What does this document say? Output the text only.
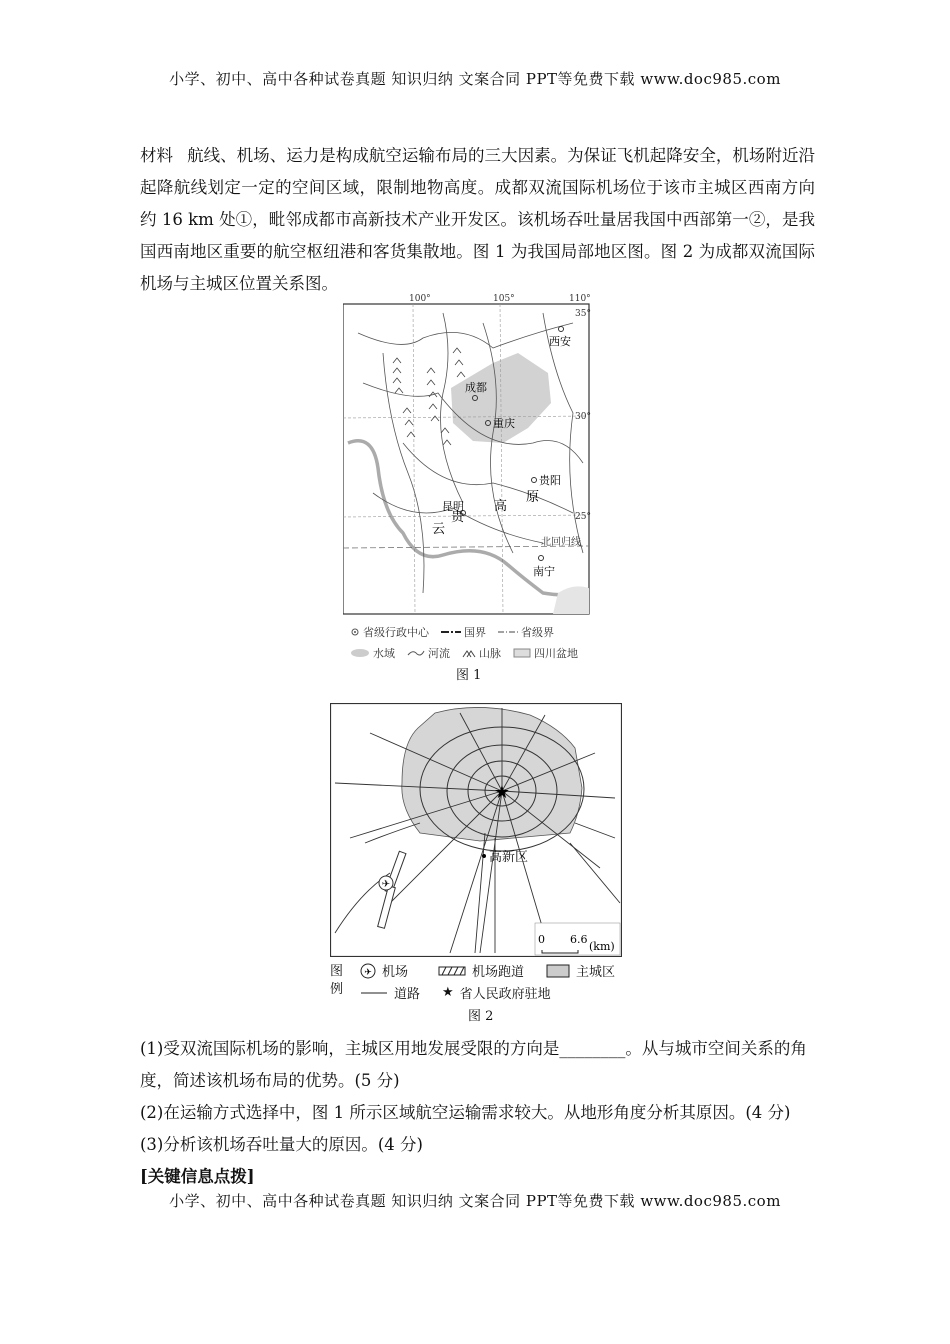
小学、初中、高中各种试卷真题 知识归纳 文案合同 PPT等免费下载 www.doc985.com
材料 航线、机场、运力是构成航空运输布局的三大因素。为保证飞机起降安全，机场附近沿起降航线划定一定的空间区域，限制地物高度。成都双流国际机场位于该市主城区西南方向约 16 km 处①，毗邻成都市高新技术产业开发区。该机场吞吐量居我国中西部第一②，是我国西南地区重要的航空枢纽港和客货集散地。图 1 为我国局部地区图。图 2 为成都双流国际机场与主城区位置关系图。
100°	105°	110°
35°
30°
25°
西安
成都
重庆
贵阳
昆明
南宁
云
贵
高
原
北回归线
省级行政中心	国界	省级界
水域	河流	山脉	四川盆地
图 1
✈
★
高新区
0 6.6
(km)
图例
✈ 机场	机场跑道	主城区
道路 ★ 省人民政府驻地
图 2

(1)受双流国际机场的影响，主城区用地发展受限的方向是________。从与城市空间关系的角度，简述该机场布局的优势。(5 分)

(2)在运输方式选择中，图 1 所示区域航空运输需求较大。从地形角度分析其原因。(4 分)

(3)分析该机场吞吐量大的原因。(4 分)

[关键信息点拨]

小学、初中、高中各种试卷真题 知识归纳 文案合同 PPT等免费下载 www.doc985.com
